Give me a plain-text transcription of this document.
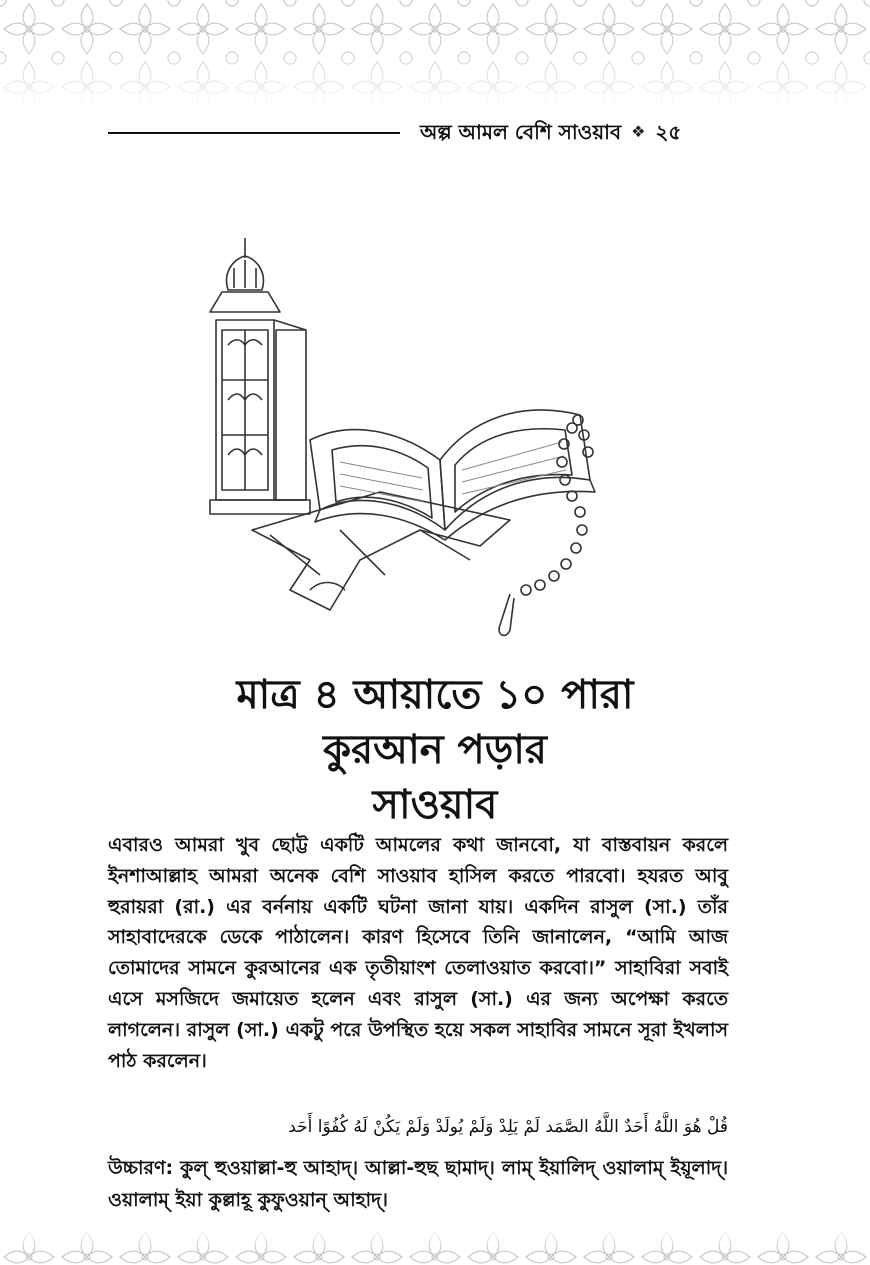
অল্প আমল বেশি সাওয়াব ❖ ২৫
মাত্র ৪ আয়াতে ১০ পারা
কুরআন পড়ার
সাওয়াব
এবারও আমরা খুব ছোট্ট একটি আমলের কথা জানবো, যা বাস্তবায়ন করলে ইনশাআল্লাহ আমরা অনেক বেশি সাওয়াব হাসিল করতে পারবো। হযরত আবু হুরায়রা (রা.) এর বর্ননায় একটি ঘটনা জানা যায়। একদিন রাসুল (সা.) তাঁর সাহাবাদেরকে ডেকে পাঠালেন। কারণ হিসেবে তিনি জানালেন, “আমি আজ তোমাদের সামনে কুরআনের এক তৃতীয়াংশ তেলাওয়াত করবো।” সাহাবিরা সবাই এসে মসজিদে জমায়েত হলেন এবং রাসুল (সা.) এর জন্য অপেক্ষা করতে লাগলেন। রাসুল (সা.) একটু পরে উপস্থিত হয়ে সকল সাহাবির সামনে সূরা ইখলাস পাঠ করলেন।
قُلْ هُوَ اللَّهُ أَحَدٌ اللَّهُ الصَّمَد لَمْ يَلِدْ وَلَمْ يُولَدْ وَلَمْ يَكُنْ لَهُ كُفُوًا أَحَد
উচ্চারণ: কুল্ হুওয়াল্লা-হু আহাদ্। আল্লা-হুছ ছামাদ্। লাম্ ইয়ালিদ্ ওয়ালাম্ ইয়ূলাদ্। ওয়ালাম্ ইয়া কুল্লাহূ কুফুওয়ান্ আহাদ্।
